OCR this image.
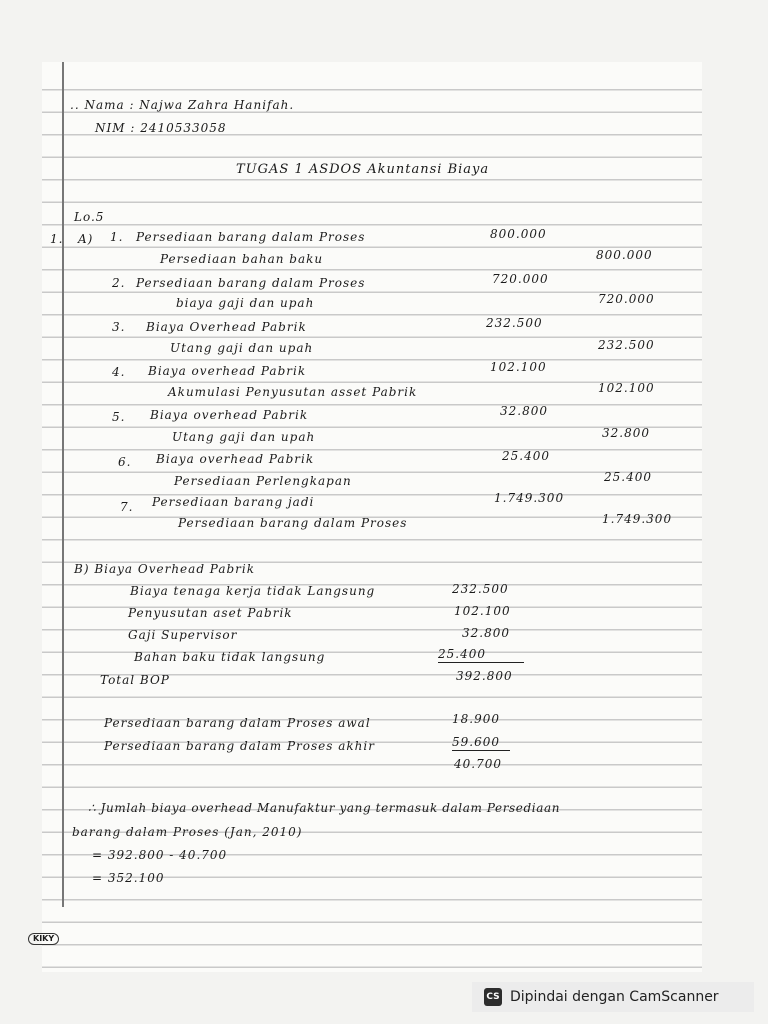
.. Nama : Najwa Zahra Hanifah.
NIM : 2410533058
TUGAS 1 ASDOS Akuntansi Biaya
Lo.5
1. A) 1. Persediaan barang dalam Proses	800.000
Persediaan bahan baku	800.000
2. Persediaan barang dalam Proses	720.000
biaya gaji dan upah	720.000
3. Biaya Overhead Pabrik	232.500
Utang gaji dan upah	232.500
4. Biaya overhead Pabrik	102.100
Akumulasi Penyusutan asset Pabrik	102.100
5. Biaya overhead Pabrik	32.800
Utang gaji dan upah	32.800
6. Biaya overhead Pabrik	25.400
Persediaan Perlengkapan	25.400
7. Persediaan barang jadi	1.749.300
Persediaan barang dalam Proses	1.749.300
B) Biaya Overhead Pabrik
Biaya tenaga kerja tidak Langsung	232.500
Penyusutan aset Pabrik	102.100
Gaji Supervisor	32.800
Bahan baku tidak langsung	25.400
Total BOP	392.800
Persediaan barang dalam Proses awal	18.900
Persediaan barang dalam Proses akhir	59.600
40.700
∴ Jumlah biaya overhead Manufaktur yang termasuk dalam Persediaan
barang dalam Proses (Jan, 2010)
= 392.800 - 40.700
= 352.100
KIKY
CS Dipindai dengan CamScanner
